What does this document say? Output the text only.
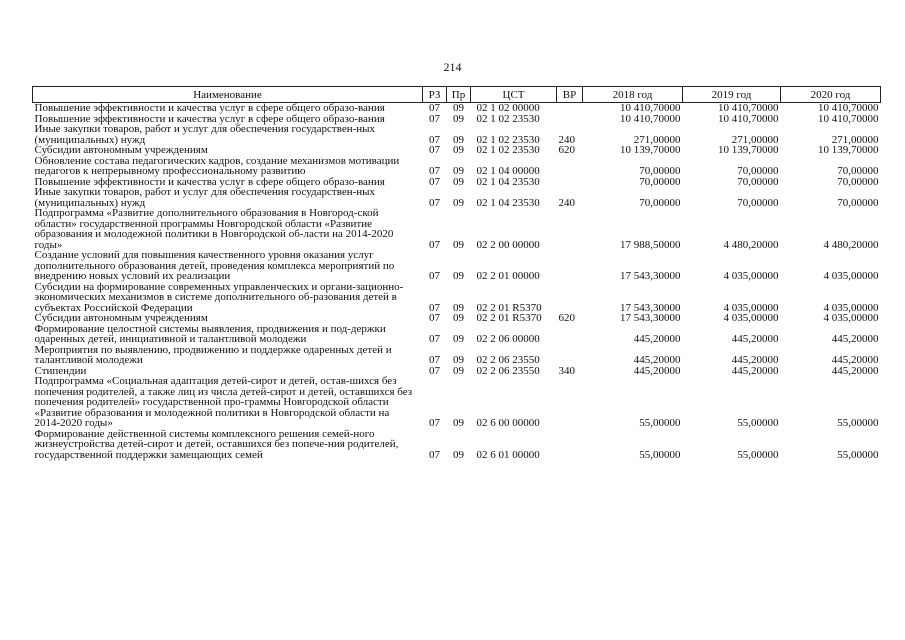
214
Наименование	РЗ	Пр	ЦСТ	ВР	2018 год	2019 год	2020 год
Повышение эффективности и качества услуг в сфере общего образо-вания	07	09	02 1 02 00000		10 410,70000	10 410,70000	10 410,70000
Повышение эффективности и качества услуг в сфере общего образо-вания	07	09	02 1 02 23530		10 410,70000	10 410,70000	10 410,70000
Иные закупки товаров, работ и услуг для обеспечения государствен-ных (муниципальных) нужд	07	09	02 1 02 23530	240	271,00000	271,00000	271,00000
Субсидии автономным учреждениям	07	09	02 1 02 23530	620	10 139,70000	10 139,70000	10 139,70000
Обновление состава педагогических кадров, создание механизмов мотивации педагогов к непрерывному профессиональному развитию	07	09	02 1 04 00000		70,00000	70,00000	70,00000
Повышение эффективности и качества услуг в сфере общего образо-вания	07	09	02 1 04 23530		70,00000	70,00000	70,00000
Иные закупки товаров, работ и услуг для обеспечения государствен-ных (муниципальных) нужд	07	09	02 1 04 23530	240	70,00000	70,00000	70,00000
Подпрограмма «Развитие дополнительного образования в Новгород-ской области» государственной программы Новгородской области «Развитие образования и молодежной политики в Новгородской об-ласти на 2014-2020 годы»	07	09	02 2 00 00000		17 988,50000	4 480,20000	4 480,20000
Создание условий для повышения качественного уровня оказания услуг дополнительного образования детей, проведения комплекса мероприятий по внедрению новых условий их реализации	07	09	02 2 01 00000		17 543,30000	4 035,00000	4 035,00000
Субсидии на формирование современных управленческих и органи-зационно-экономических механизмов в системе дополнительного об-разования детей в субъектах Российской Федерации	07	09	02 2 01 R5370		17 543,30000	4 035,00000	4 035,00000
Субсидии автономным учреждениям	07	09	02 2 01 R5370	620	17 543,30000	4 035,00000	4 035,00000
Формирование целостной системы выявления, продвижения и под-держки одаренных детей, инициативной и талантливой молодежи	07	09	02 2 06 00000		445,20000	445,20000	445,20000
Мероприятия по выявлению, продвижению и поддержке одаренных детей и талантливой молодежи	07	09	02 2 06 23550		445,20000	445,20000	445,20000
Стипендии	07	09	02 2 06 23550	340	445,20000	445,20000	445,20000
Подпрограмма «Социальная адаптация детей-сирот и детей, остав-шихся без попечения родителей, а также лиц из числа детей-сирот и детей, оставшихся без попечения родителей» государственной про-граммы Новгородской области «Развитие образования и молодежной политики в Новгородской области на 2014-2020 годы»	07	09	02 6 00 00000		55,00000	55,00000	55,00000
Формирование действенной системы комплексного решения семей-ного жизнеустройства детей-сирот и детей, оставшихся без попече-ния родителей, государственной поддержки замещающих семей	07	09	02 6 01 00000		55,00000	55,00000	55,00000
